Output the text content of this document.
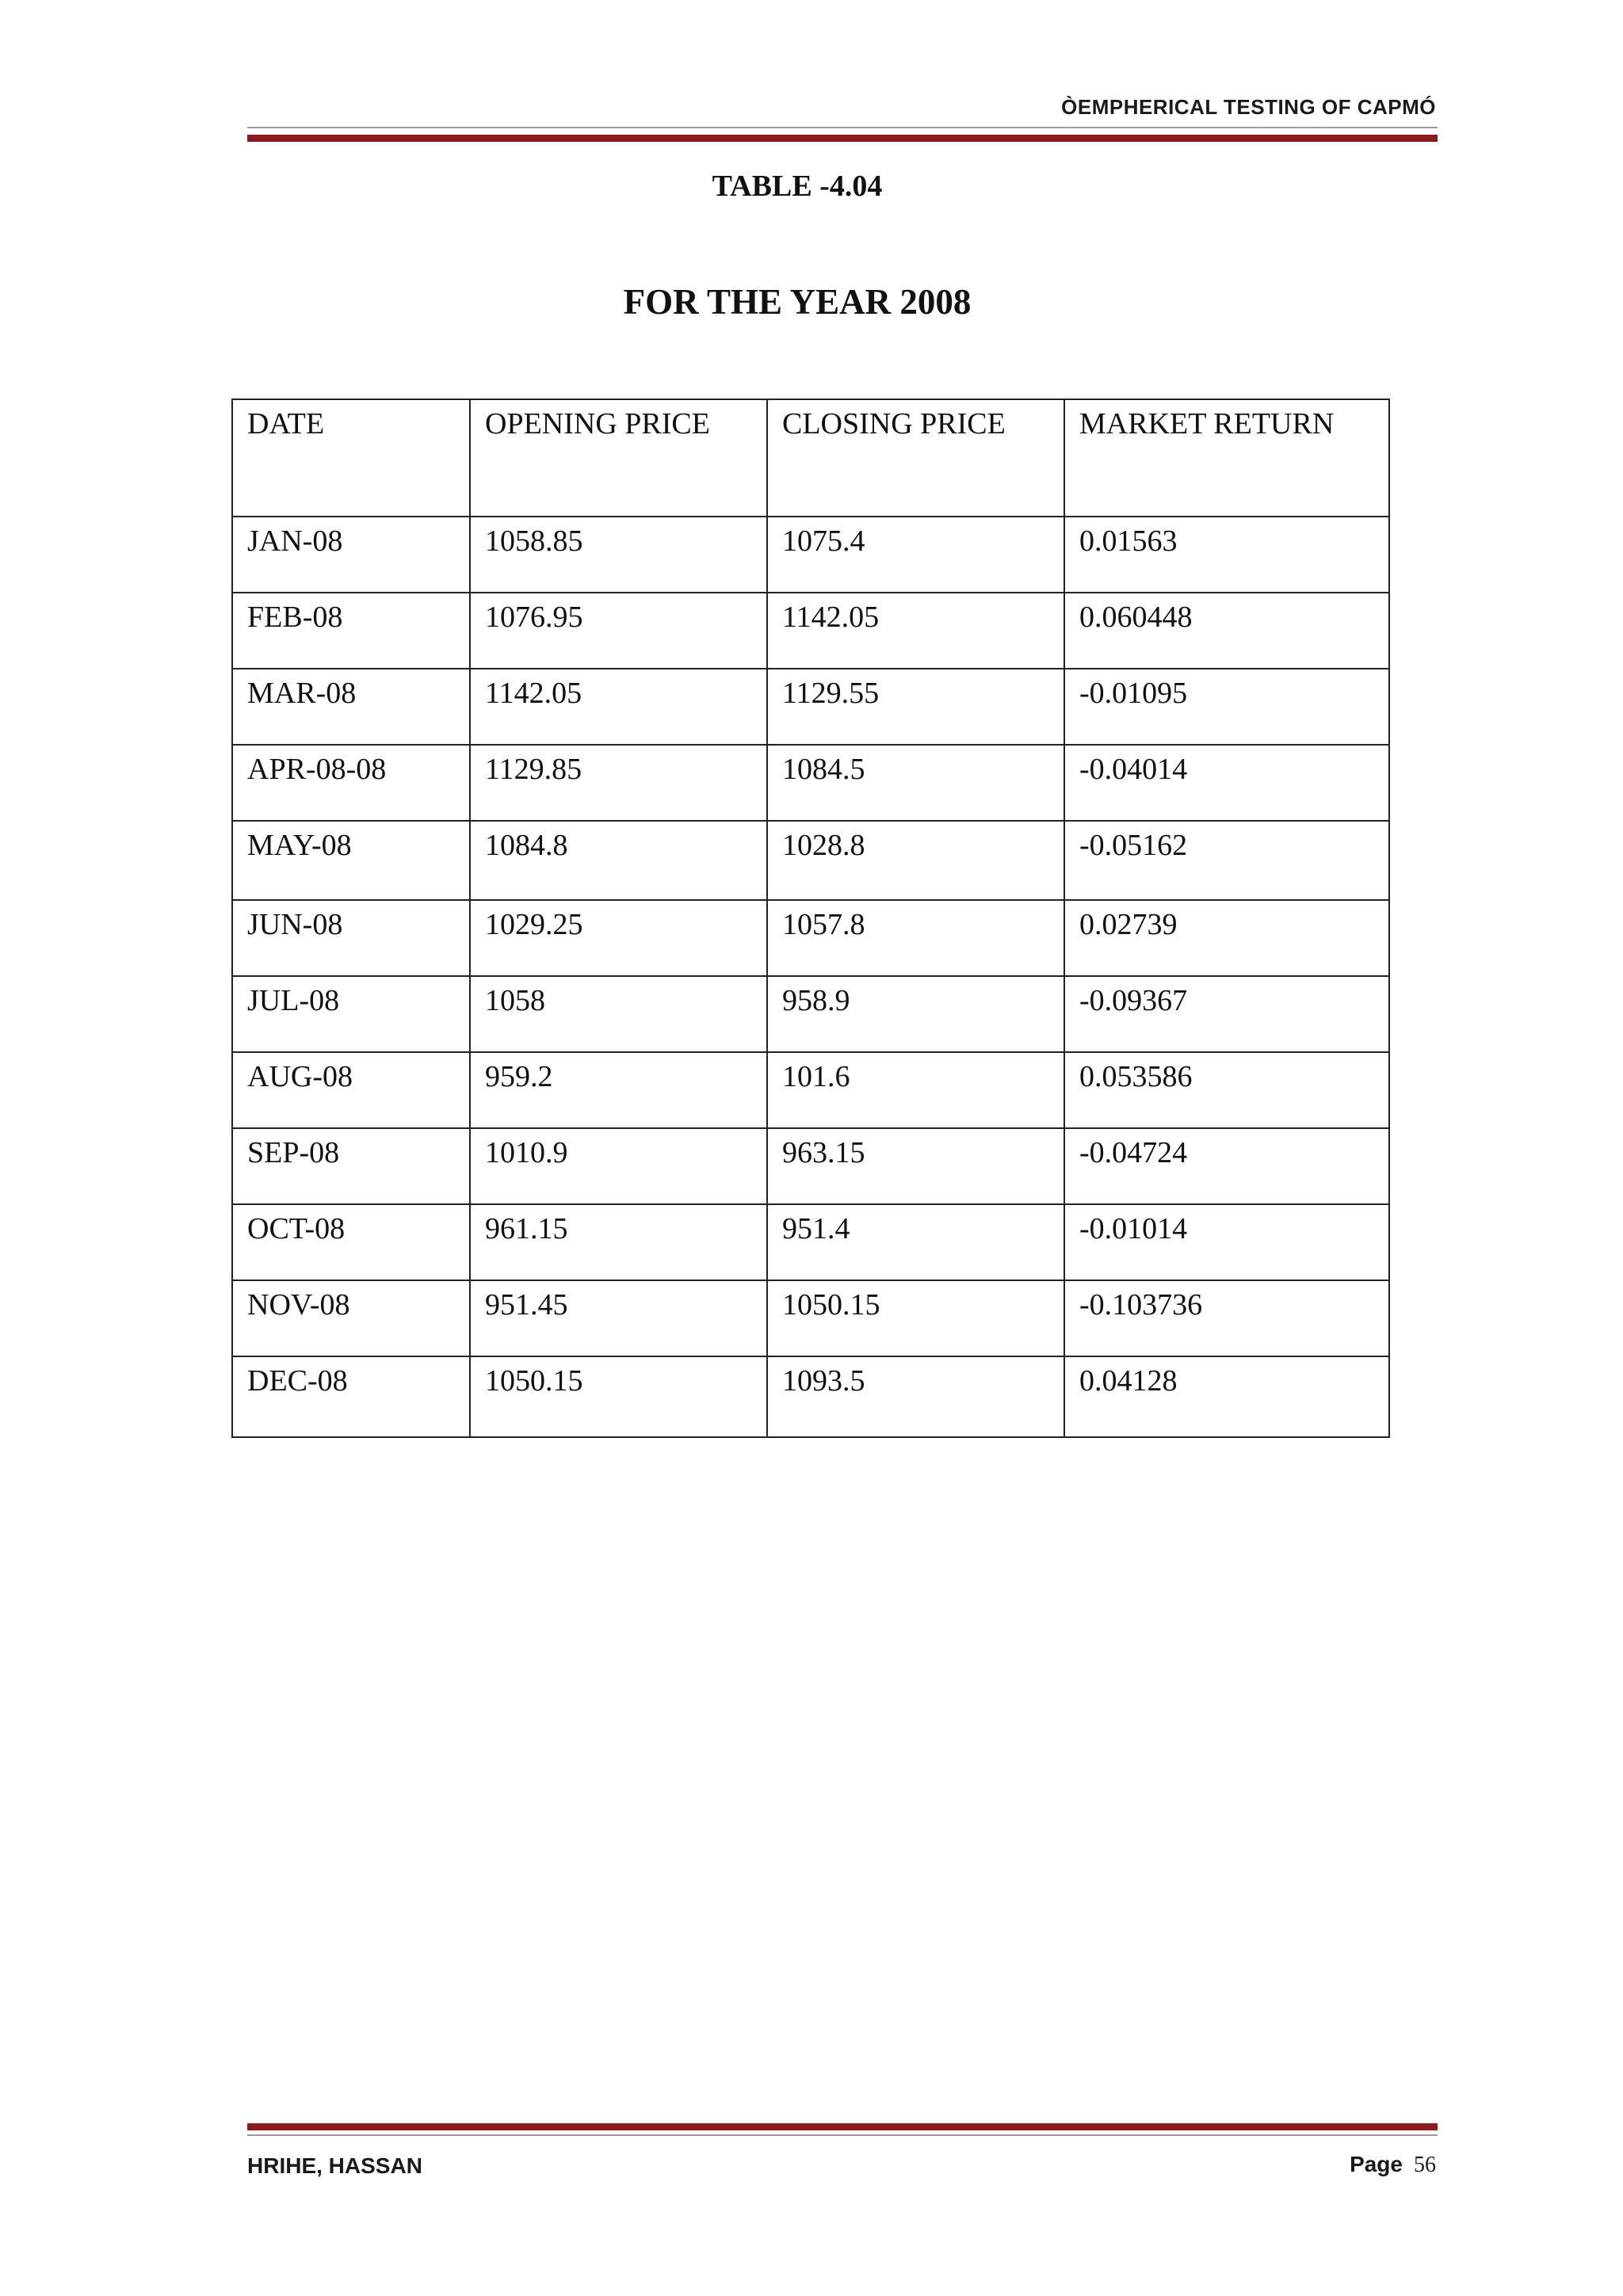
ÒEMPHERICAL TESTING OF CAPMÓ
TABLE -4.04
FOR THE YEAR 2008
DATE	OPENING PRICE	CLOSING PRICE	MARKET RETURN
JAN-08	1058.85	1075.4	0.01563
FEB-08	1076.95	1142.05	0.060448
MAR-08	1142.05	1129.55	-0.01095
APR-08-08	1129.85	1084.5	-0.04014
MAY-08	1084.8	1028.8	-0.05162
JUN-08	1029.25	1057.8	0.02739
JUL-08	1058	958.9	-0.09367
AUG-08	959.2	101.6	0.053586
SEP-08	1010.9	963.15	-0.04724
OCT-08	961.15	951.4	-0.01014
NOV-08	951.45	1050.15	-0.103736
DEC-08	1050.15	1093.5	0.04128
HRIHE, HASSAN	Page 56
